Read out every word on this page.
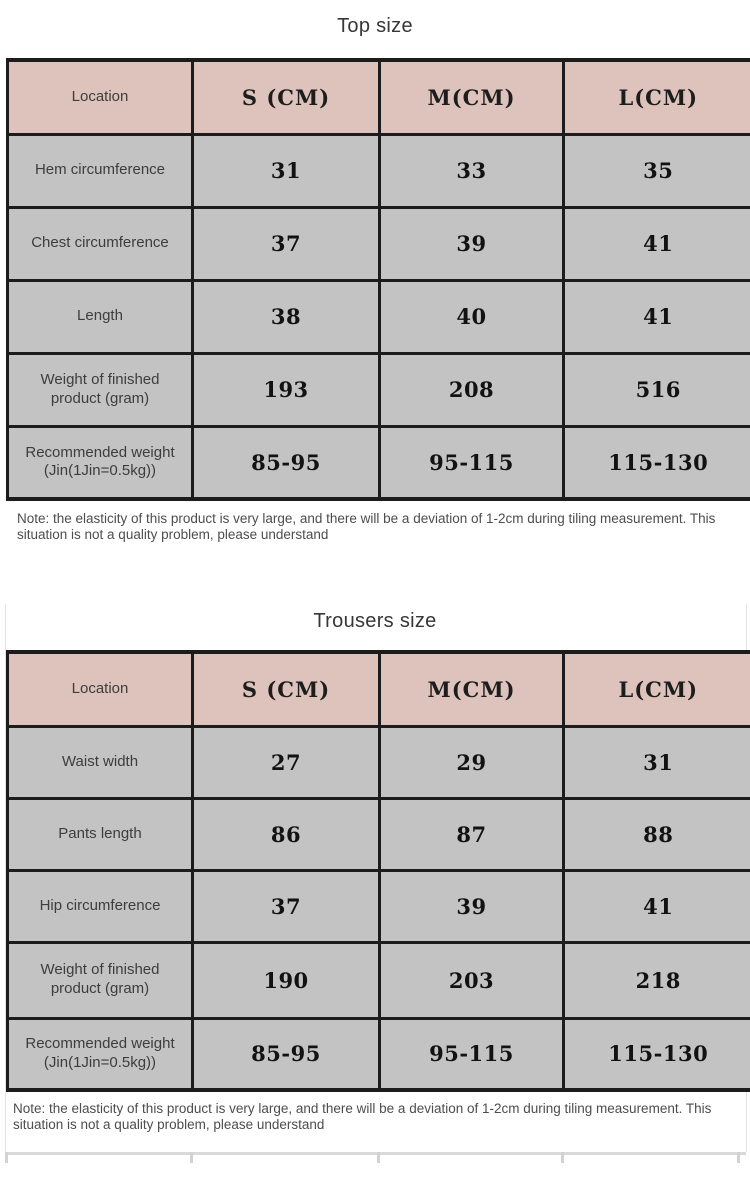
Top size
Location	S (CM)	M(CM)	L(CM)
Hem circumference	31	33	35
Chest circumference	37	39	41
Length	38	40	41
Weight of finished product (gram)	193	208	516
Recommended weight (Jin(1Jin=0.5kg))	85-95	95-115	115-130

Note: the elasticity of this product is very large, and there will be a deviation of 1-2cm during tiling measurement. This situation is not a quality problem, please understand

Trousers size
Location	S (CM)	M(CM)	L(CM)
Waist width	27	29	31
Pants length	86	87	88
Hip circumference	37	39	41
Weight of finished product (gram)	190	203	218
Recommended weight (Jin(1Jin=0.5kg))	85-95	95-115	115-130

Note: the elasticity of this product is very large, and there will be a deviation of 1-2cm during tiling measurement. This situation is not a quality problem, please understand
